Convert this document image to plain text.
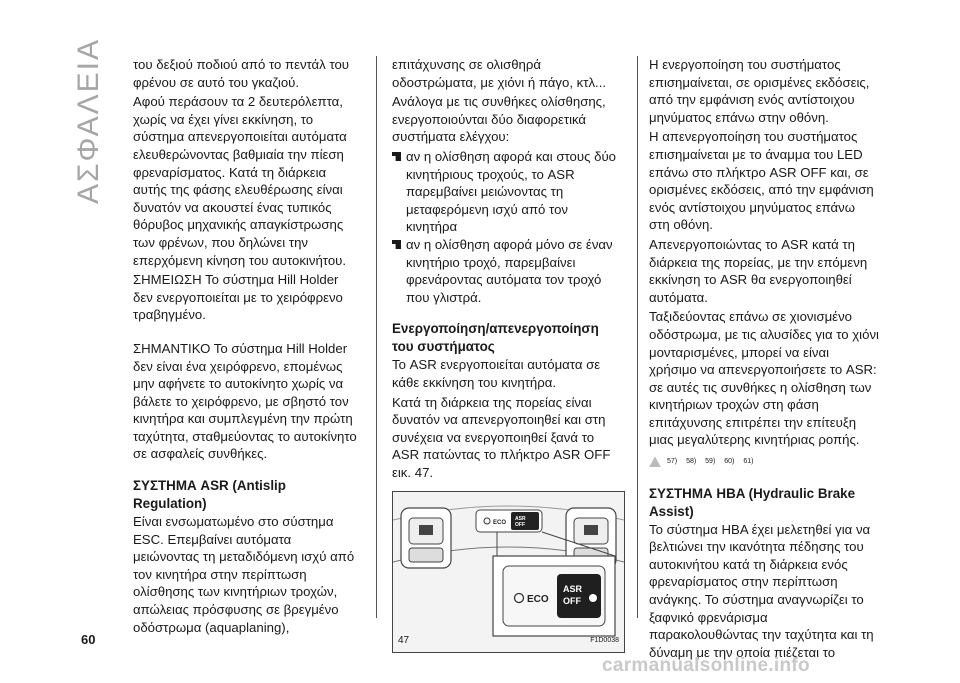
ΑΣΦΑΛΕΙΑ
60

του δεξιού ποδιού από το πεντάλ του φρένου σε αυτό του γκαζιού.

Αφού περάσουν τα 2 δευτερόλεπτα, χωρίς να έχει γίνει εκκίνηση, το σύστημα απενεργοποιείται αυτόματα ελευθερώνοντας βαθμιαία την πίεση φρεναρίσματος. Κατά τη διάρκεια αυτής της φάσης ελευθέρωσης είναι δυνατόν να ακουστεί ένας τυπικός θόρυβος μηχανικής απαγκίστρωσης των φρένων, που δηλώνει την επερχόμενη κίνηση του αυτοκινήτου.

ΣΗΜΕΙΩΣΗ Το σύστημα Hill Holder δεν ενεργοποιείται με το χειρόφρενο τραβηγμένο.

ΣΗΜΑΝΤΙΚΟ Το σύστημα Hill Holder δεν είναι ένα χειρόφρενο, επομένως μην αφήνετε το αυτοκίνητο χωρίς να βάλετε το χειρόφρενο, με σβηστό τον κινητήρα και συμπλεγμένη την πρώτη ταχύτητα, σταθμεύοντας το αυτοκίνητο σε ασφαλείς συνθήκες.

ΣΥΣΤΗΜΑ ASR (Antislip Regulation)

Είναι ενσωματωμένο στο σύστημα ESC. Επεμβαίνει αυτόματα μειώνοντας τη μεταδιδόμενη ισχύ από τον κινητήρα στην περίπτωση ολίσθησης των κινητήριων τροχών, απώλειας πρόσφυσης σε βρεγμένο οδόστρωμα (aquaplaning),

επιτάχυνσης σε ολισθηρά οδοστρώματα, με χιόνι ή πάγο, κτλ...

Ανάλογα με τις συνθήκες ολίσθησης, ενεργοποιούνται δύο διαφορετικά συστήματα ελέγχου:

αν η ολίσθηση αφορά και στους δύο κινητήριους τροχούς, το ASR παρεμβαίνει μειώνοντας τη μεταφερόμενη ισχύ από τον κινητήρα
αν η ολίσθηση αφορά μόνο σε έναν κινητήριο τροχό, παρεμβαίνει φρενάροντας αυτόματα τον τροχό που γλιστρά.
Ενεργοποίηση/απενεργοποίηση του συστήματος

Το ASR ενεργοποιείται αυτόματα σε κάθε εκκίνηση του κινητήρα.

Κατά τη διάρκεια της πορείας είναι δυνατόν να απενεργοποιηθεί και στη συνέχεια να ενεργοποιηθεί ξανά το ASR πατώντας το πλήκτρο ASR OFF εικ. 47.

ECO
ASR
OFF
ECO
ASR
OFF
47	F1D0038

Η ενεργοποίηση του συστήματος επισημαίνεται, σε ορισμένες εκδόσεις, από την εμφάνιση ενός αντίστοιχου μηνύματος επάνω στην οθόνη.

Η απενεργοποίηση του συστήματος επισημαίνεται με το άναμμα του LED επάνω στο πλήκτρο ASR OFF και, σε ορισμένες εκδόσεις, από την εμφάνιση ενός αντίστοιχου μηνύματος επάνω στη οθόνη.

Απενεργοποιώντας το ASR κατά τη διάρκεια της πορείας, με την επόμενη εκκίνηση το ASR θα ενεργοποιηθεί αυτόματα.

Ταξιδεύοντας επάνω σε χιονισμένο οδόστρωμα, με τις αλυσίδες για το χιόνι μονταρισμένες, μπορεί να είναι χρήσιμο να απενεργοποιήσετε το ASR: σε αυτές τις συνθήκες η ολίσθηση των κινητήριων τροχών στη φάση επιτάχυνσης επιτρέπει την επίτευξη μιας μεγαλύτερης κινητήριας ροπής.

57) 58) 59) 60) 61)
ΣΥΣΤΗΜΑ HBA (Hydraulic Brake Assist)

Το σύστημα HBA έχει μελετηθεί για να βελτιώνει την ικανότητα πέδησης του αυτοκινήτου κατά τη διάρκεια ενός φρεναρίσματος στην περίπτωση ανάγκης. Το σύστημα αναγνωρίζει το ξαφνικό φρενάρισμα παρακολουθώντας την ταχύτητα και τη δύναμη με την οποία πιέζεται το

carmanualsonline.info
